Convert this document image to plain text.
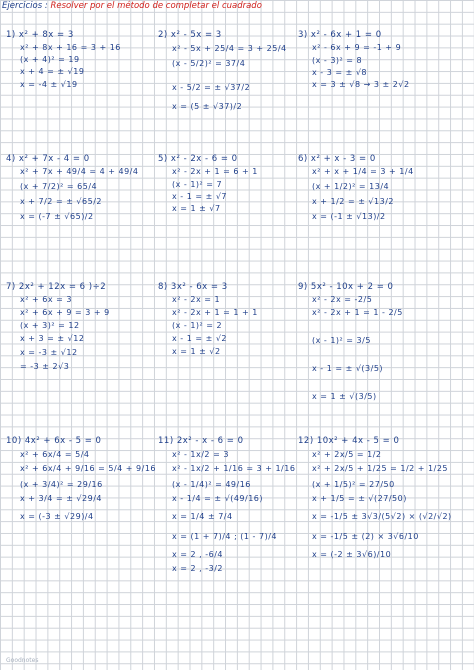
Ejercicios : Resolver por el método de completar el cuadrado
1) x² + 8x = 3
x² + 8x + 16 = 3 + 16
(x + 4)² = 19
x + 4 = ± √19
x = -4 ± √19
2) x² - 5x = 3
x² - 5x + 25/4 = 3 + 25/4
(x - 5/2)² = 37/4
x - 5/2 = ± √37/2
x = (5 ± √37)/2
3) x² - 6x + 1 = 0
x² - 6x + 9 = -1 + 9
(x - 3)² = 8
x - 3 = ± √8
x = 3 ± √8 → 3 ± 2√2
4) x² + 7x - 4 = 0
x² + 7x + 49/4 = 4 + 49/4
(x + 7/2)² = 65/4
x + 7/2 = ± √65/2
x = (-7 ± √65)/2
5) x² - 2x - 6 = 0
x² - 2x + 1 = 6 + 1
(x - 1)² = 7
x - 1 = ± √7
x = 1 ± √7
6) x² + x - 3 = 0
x² + x + 1/4 = 3 + 1/4
(x + 1/2)² = 13/4
x + 1/2 = ± √13/2
x = (-1 ± √13)/2
7) 2x² + 12x = 6 )÷2
x² + 6x = 3
x² + 6x + 9 = 3 + 9
(x + 3)² = 12
x + 3 = ± √12
x = -3 ± √12
= -3 ± 2√3
8) 3x² - 6x = 3
x² - 2x = 1
x² - 2x + 1 = 1 + 1
(x - 1)² = 2
x - 1 = ± √2
x = 1 ± √2
9) 5x² - 10x + 2 = 0
x² - 2x = -2/5
x² - 2x + 1 = 1 - 2/5
(x - 1)² = 3/5
x - 1 = ± √(3/5)
x = 1 ± √(3/5)
10) 4x² + 6x - 5 = 0
x² + 6x/4 = 5/4
x² + 6x/4 + 9/16 = 5/4 + 9/16
(x + 3/4)² = 29/16
x + 3/4 = ± √29/4
x = (-3 ± √29)/4
11) 2x² - x - 6 = 0
x² - 1x/2 = 3
x² - 1x/2 + 1/16 = 3 + 1/16
(x - 1/4)² = 49/16
x - 1/4 = ± √(49/16)
x = 1/4 ± 7/4
x = (1 + 7)/4 ; (1 - 7)/4
x = 2 , -6/4
x = 2 , -3/2
12) 10x² + 4x - 5 = 0
x² + 2x/5 = 1/2
x² + 2x/5 + 1/25 = 1/2 + 1/25
(x + 1/5)² = 27/50
x + 1/5 = ± √(27/50)
x = -1/5 ± 3√3/(5√2) × (√2/√2)
x = -1/5 ± (2) × 3√6/10
x = (-2 ± 3√6)/10
Goodnotes
